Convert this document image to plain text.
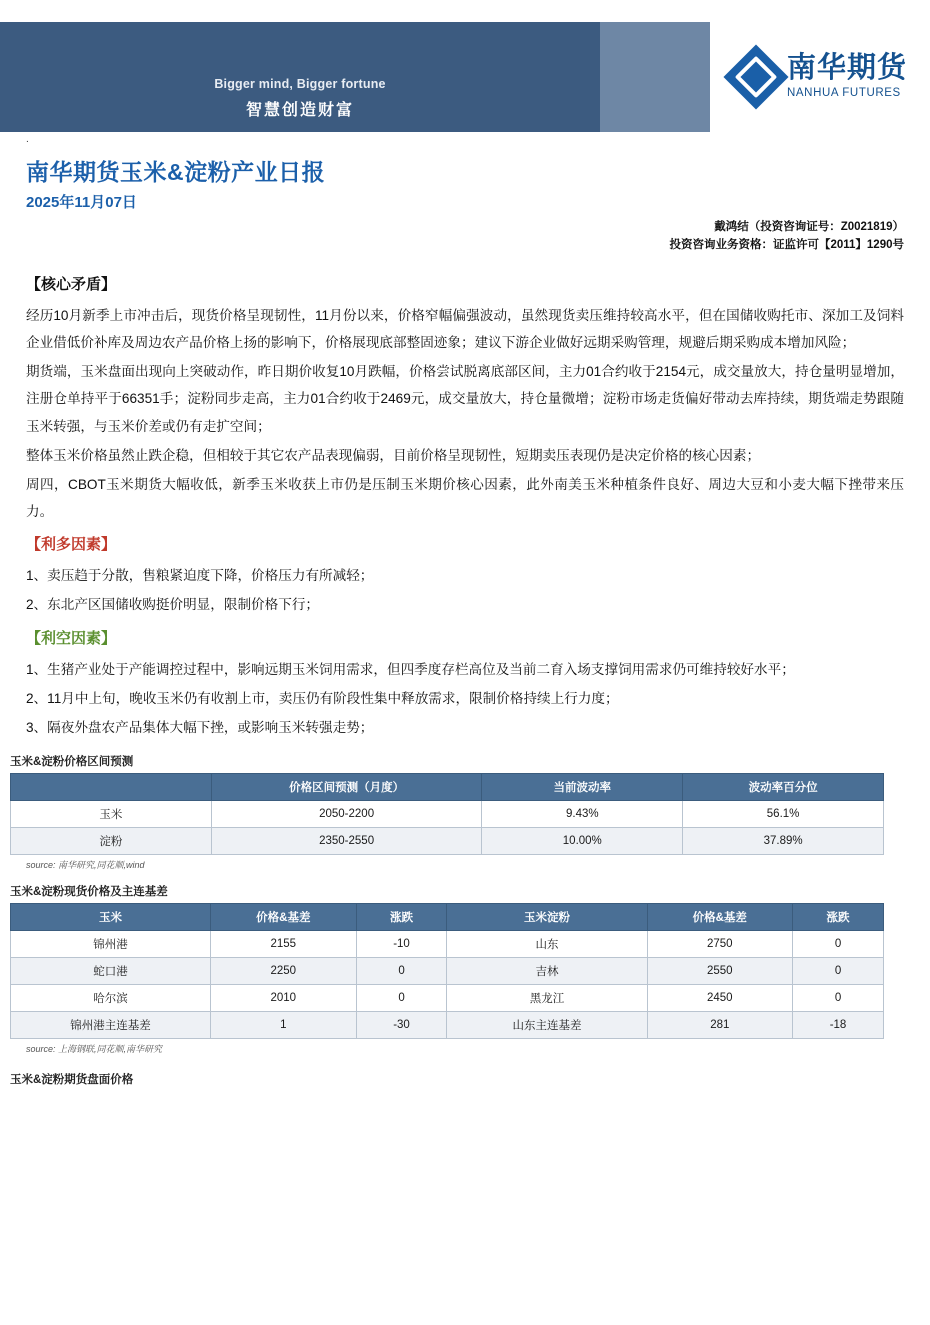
Bigger mind, Bigger fortune
智慧创造财富
南华期货
NANHUA FUTURES
.
南华期货玉米&淀粉产业日报
2025年11月07日
戴鸿结（投资咨询证号：Z0021819）
投资咨询业务资格：证监许可【2011】1290号
【核心矛盾】

经历10月新季上市冲击后，现货价格呈现韧性，11月份以来，价格窄幅偏强波动，虽然现货卖压维持较高水平，但在国储收购托市、深加工及饲料企业借低价补库及周边农产品价格上扬的影响下，价格展现底部整固迹象；建议下游企业做好远期采购管理，规避后期采购成本增加风险；

期货端，玉米盘面出现向上突破动作，昨日期价收复10月跌幅，价格尝试脱离底部区间，主力01合约收于2154元，成交量放大，持仓量明显增加，注册仓单持平于66351手；淀粉同步走高，主力01合约收于2469元，成交量放大，持仓量微增；淀粉市场走货偏好带动去库持续，期货端走势跟随玉米转强，与玉米价差或仍有走扩空间；

整体玉米价格虽然止跌企稳，但相较于其它农产品表现偏弱，目前价格呈现韧性，短期卖压表现仍是决定价格的核心因素；

周四，CBOT玉米期货大幅收低，新季玉米收获上市仍是压制玉米期价核心因素，此外南美玉米种植条件良好、周边大豆和小麦大幅下挫带来压力。

【利多因素】

1、卖压趋于分散，售粮紧迫度下降，价格压力有所减轻；

2、东北产区国储收购挺价明显，限制价格下行；

【利空因素】

1、生猪产业处于产能调控过程中，影响远期玉米饲用需求，但四季度存栏高位及当前二育入场支撑饲用需求仍可维持较好水平；

2、11月中上旬，晚收玉米仍有收割上市，卖压仍有阶段性集中释放需求，限制价格持续上行力度；

3、隔夜外盘农产品集体大幅下挫，或影响玉米转强走势；

玉米&淀粉价格区间预测
	价格区间预测（月度）	当前波动率	波动率百分位
玉米	2050-2200	9.43%	56.1%
淀粉	2350-2550	10.00%	37.89%
source: 南华研究,同花顺,wind
玉米&淀粉现货价格及主连基差
玉米	价格&基差	涨跌	玉米淀粉	价格&基差	涨跌
锦州港	2155	-10	山东	2750	0
蛇口港	2250	0	吉林	2550	0
哈尔滨	2010	0	黑龙江	2450	0
锦州港主连基差	1	-30	山东主连基差	281	-18
source: 上海钢联,同花顺,南华研究
玉米&淀粉期货盘面价格
